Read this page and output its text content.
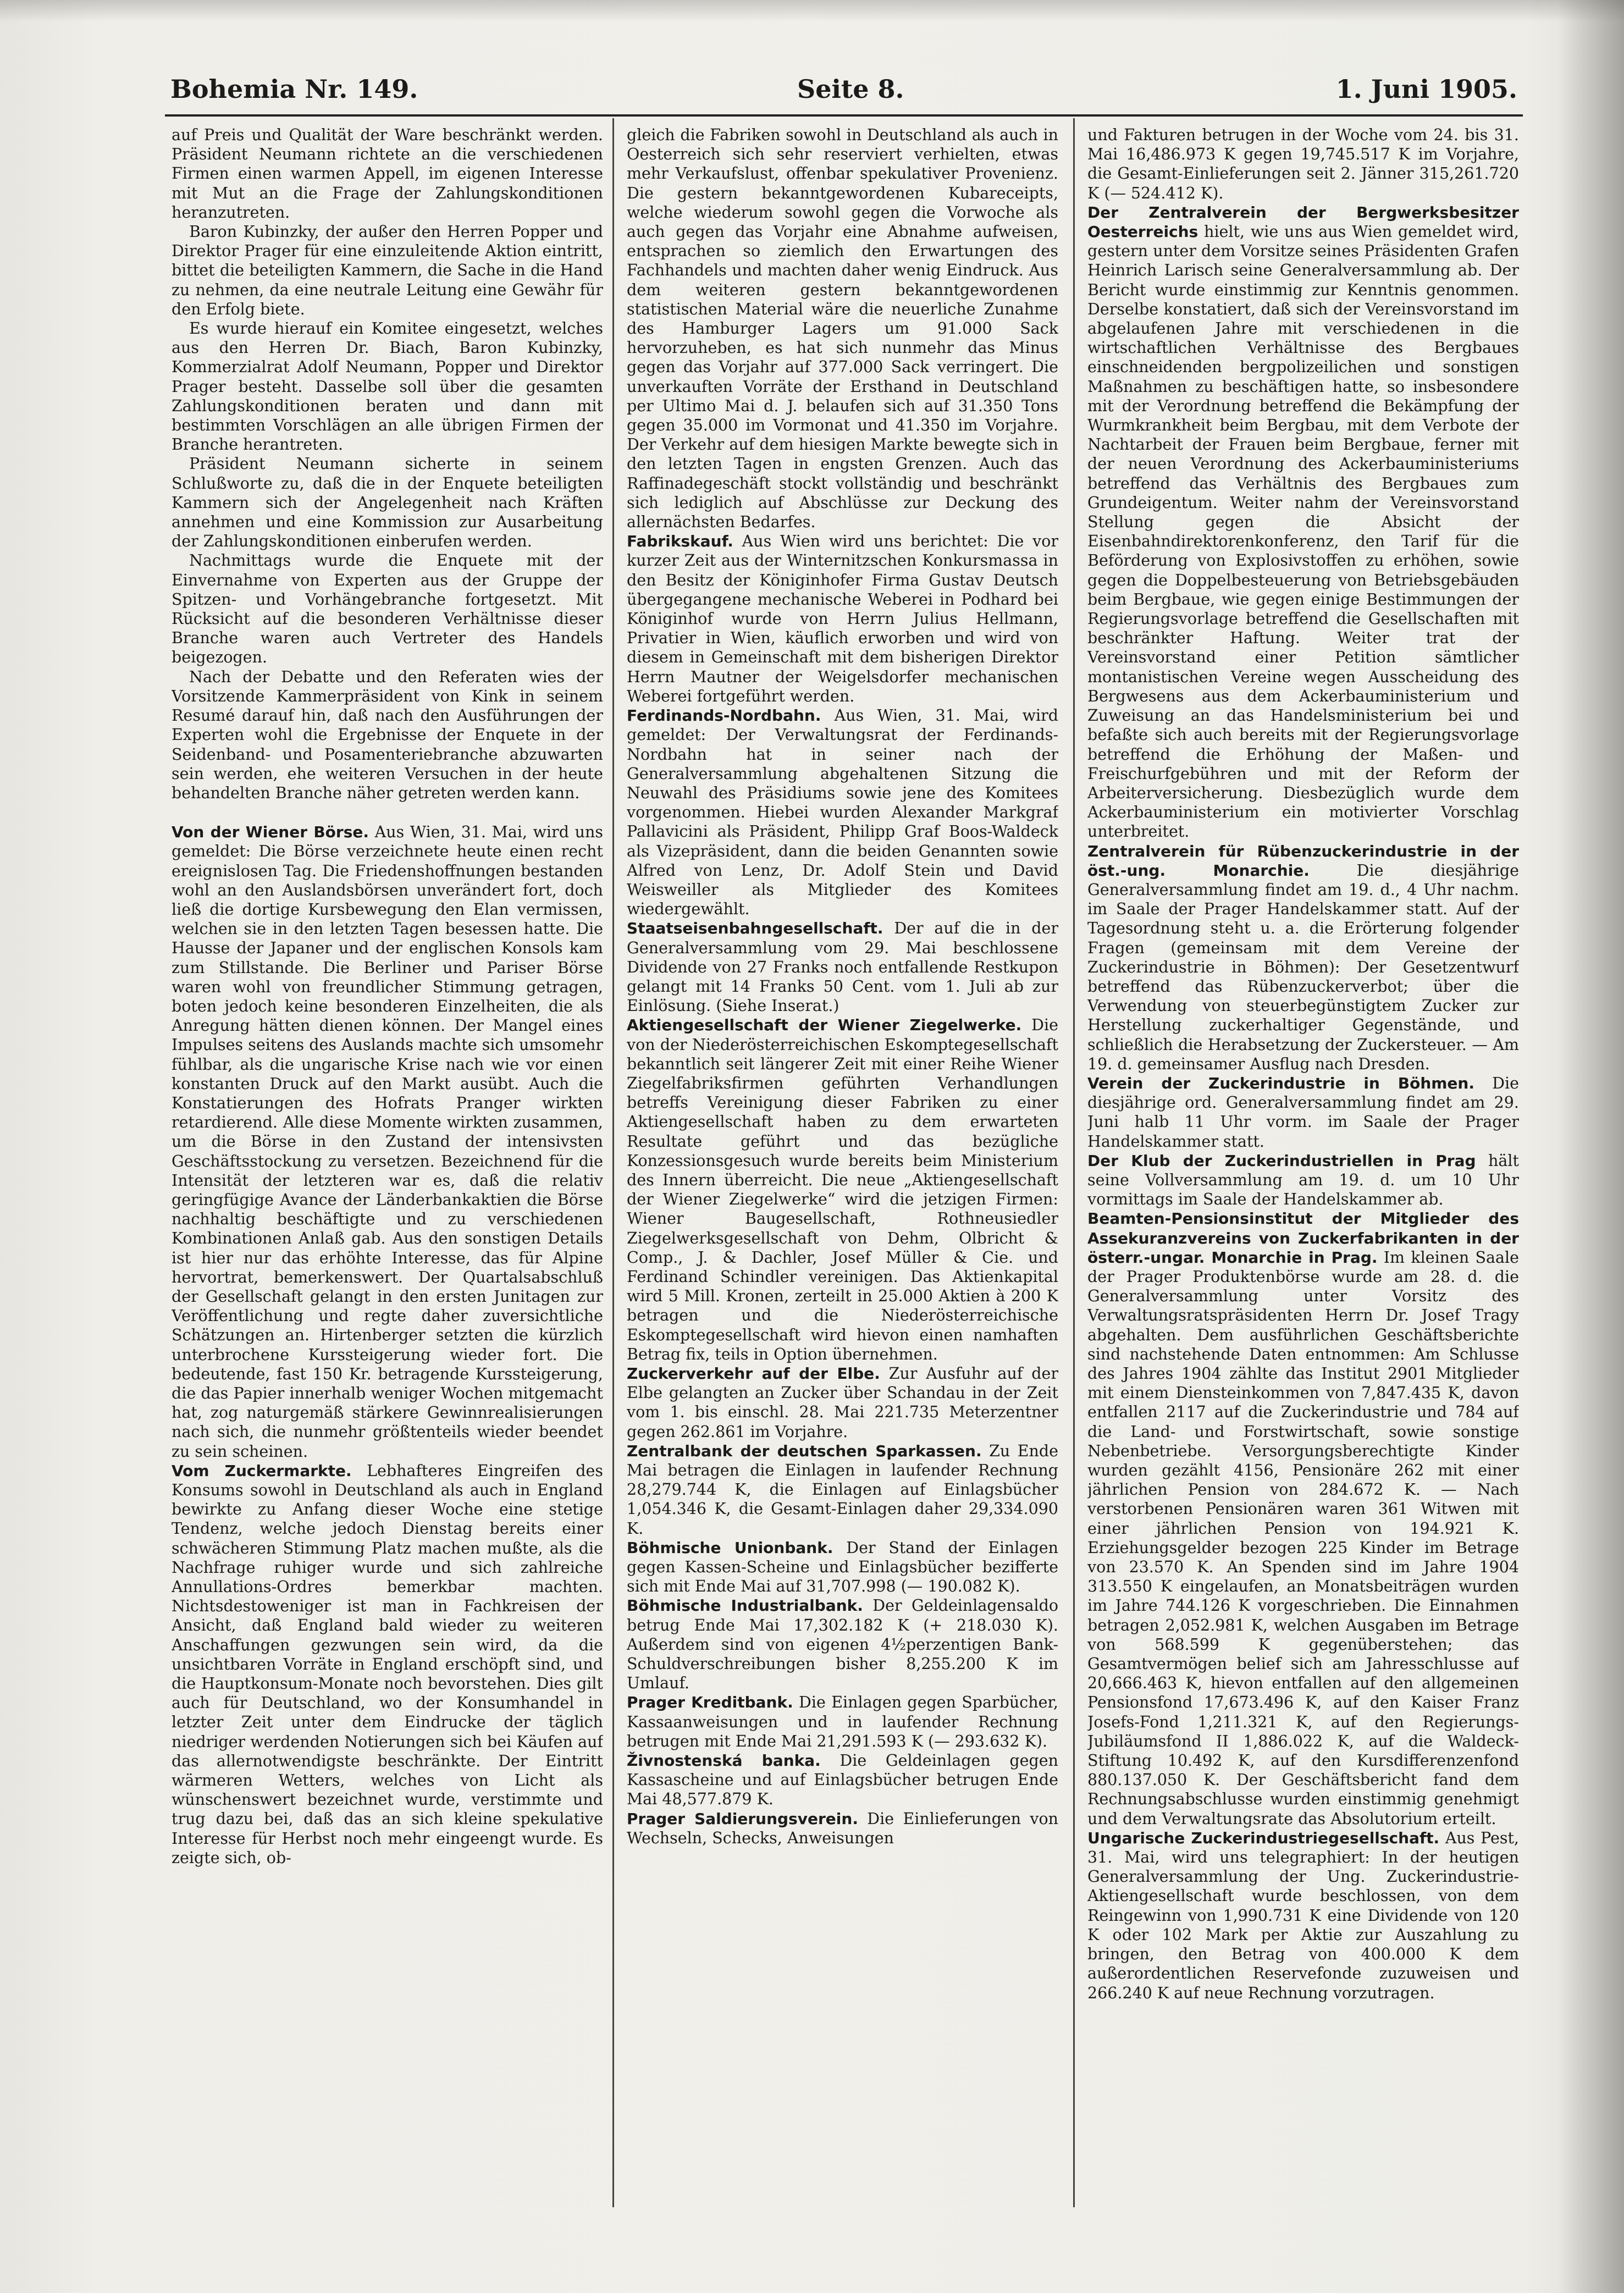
Bohemia Nr. 149.	Seite 8.	1. Juni 1905.

auf Preis und Qualität der Ware beschränkt werden. Präsident Neumann richtete an die verschiedenen Firmen einen warmen Appell, im eigenen Interesse mit Mut an die Frage der Zahlungskonditionen heranzutreten.

Baron Kubinzky, der außer den Herren Popper und Direktor Prager für eine einzuleitende Aktion eintritt, bittet die beteiligten Kammern, die Sache in die Hand zu nehmen, da eine neutrale Leitung eine Gewähr für den Erfolg biete.

Es wurde hierauf ein Komitee eingesetzt, welches aus den Herren Dr. Biach, Baron Kubinzky, Kommerzialrat Adolf Neumann, Popper und Direktor Prager besteht. Dasselbe soll über die gesamten Zahlungskonditionen beraten und dann mit bestimmten Vorschlägen an alle übrigen Firmen der Branche herantreten.

Präsident Neumann sicherte in seinem Schlußworte zu, daß die in der Enquete beteiligten Kammern sich der Angelegenheit nach Kräften annehmen und eine Kommission zur Ausarbeitung der Zahlungskonditionen einberufen werden.

Nachmittags wurde die Enquete mit der Einvernahme von Experten aus der Gruppe der Spitzen- und Vorhängebranche fortgesetzt. Mit Rücksicht auf die besonderen Verhältnisse dieser Branche waren auch Vertreter des Handels beigezogen.

Nach der Debatte und den Referaten wies der Vorsitzende Kammerpräsident von Kink in seinem Resumé darauf hin, daß nach den Ausführungen der Experten wohl die Ergebnisse der Enquete in der Seidenband- und Posamenteriebranche abzuwarten sein werden, ehe weiteren Versuchen in der heute behandelten Branche näher getreten werden kann.

Von der Wiener Börse. Aus Wien, 31. Mai, wird uns gemeldet: Die Börse verzeichnete heute einen recht ereignislosen Tag. Die Friedenshoffnungen bestanden wohl an den Auslandsbörsen unverändert fort, doch ließ die dortige Kursbewegung den Elan vermissen, welchen sie in den letzten Tagen besessen hatte. Die Hausse der Japaner und der englischen Konsols kam zum Stillstande. Die Berliner und Pariser Börse waren wohl von freundlicher Stimmung getragen, boten jedoch keine besonderen Einzelheiten, die als Anregung hätten dienen können. Der Mangel eines Impulses seitens des Auslands machte sich umsomehr fühlbar, als die ungarische Krise nach wie vor einen konstanten Druck auf den Markt ausübt. Auch die Konstatierungen des Hofrats Pranger wirkten retardierend. Alle diese Momente wirkten zusammen, um die Börse in den Zustand der intensivsten Geschäftsstockung zu versetzen. Bezeichnend für die Intensität der letzteren war es, daß die relativ geringfügige Avance der Länderbankaktien die Börse nachhaltig beschäftigte und zu verschiedenen Kombinationen Anlaß gab. Aus den sonstigen Details ist hier nur das erhöhte Interesse, das für Alpine hervortrat, bemerkenswert. Der Quartalsabschluß der Gesellschaft gelangt in den ersten Junitagen zur Veröffentlichung und regte daher zuversichtliche Schätzungen an. Hirtenberger setzten die kürzlich unterbrochene Kurssteigerung wieder fort. Die bedeutende, fast 150 Kr. betragende Kurssteigerung, die das Papier innerhalb weniger Wochen mitgemacht hat, zog naturgemäß stärkere Gewinnrealisierungen nach sich, die nunmehr größtenteils wieder beendet zu sein scheinen.

Vom Zuckermarkte. Lebhafteres Eingreifen des Konsums sowohl in Deutschland als auch in England bewirkte zu Anfang dieser Woche eine stetige Tendenz, welche jedoch Dienstag bereits einer schwächeren Stimmung Platz machen mußte, als die Nachfrage ruhiger wurde und sich zahlreiche Annullations-Ordres bemerkbar machten. Nichtsdestoweniger ist man in Fachkreisen der Ansicht, daß England bald wieder zu weiteren Anschaffungen gezwungen sein wird, da die unsichtbaren Vorräte in England erschöpft sind, und die Hauptkonsum-Monate noch bevorstehen. Dies gilt auch für Deutschland, wo der Konsumhandel in letzter Zeit unter dem Eindrucke der täglich niedriger werdenden Notierungen sich bei Käufen auf das allernotwendigste beschränkte. Der Eintritt wärmeren Wetters, welches von Licht als wünschenswert bezeichnet wurde, verstimmte und trug dazu bei, daß das an sich kleine spekulative Interesse für Herbst noch mehr eingeengt wurde. Es zeigte sich, ob-

gleich die Fabriken sowohl in Deutschland als auch in Oesterreich sich sehr reserviert verhielten, etwas mehr Verkaufslust, offenbar spekulativer Provenienz. Die gestern bekanntgewordenen Kubareceipts, welche wiederum sowohl gegen die Vorwoche als auch gegen das Vorjahr eine Abnahme aufweisen, entsprachen so ziemlich den Erwartungen des Fachhandels und machten daher wenig Eindruck. Aus dem weiteren gestern bekanntgewordenen statistischen Material wäre die neuerliche Zunahme des Hamburger Lagers um 91.000 Sack hervorzuheben, es hat sich nunmehr das Minus gegen das Vorjahr auf 377.000 Sack verringert. Die unverkauften Vorräte der Ersthand in Deutschland per Ultimo Mai d. J. belaufen sich auf 31.350 Tons gegen 35.000 im Vormonat und 41.350 im Vorjahre. Der Verkehr auf dem hiesigen Markte bewegte sich in den letzten Tagen in engsten Grenzen. Auch das Raffinadegeschäft stockt vollständig und beschränkt sich lediglich auf Abschlüsse zur Deckung des allernächsten Bedarfes.

Fabrikskauf. Aus Wien wird uns berichtet: Die vor kurzer Zeit aus der Winternitzschen Konkursmassa in den Besitz der Königinhofer Firma Gustav Deutsch übergegangene mechanische Weberei in Podhard bei Königinhof wurde von Herrn Julius Hellmann, Privatier in Wien, käuflich erworben und wird von diesem in Gemeinschaft mit dem bisherigen Direktor Herrn Mautner der Weigelsdorfer mechanischen Weberei fortgeführt werden.

Ferdinands-Nordbahn. Aus Wien, 31. Mai, wird gemeldet: Der Verwaltungsrat der Ferdinands-Nordbahn hat in seiner nach der Generalversammlung abgehaltenen Sitzung die Neuwahl des Präsidiums sowie jene des Komitees vorgenommen. Hiebei wurden Alexander Markgraf Pallavicini als Präsident, Philipp Graf Boos-Waldeck als Vizepräsident, dann die beiden Genannten sowie Alfred von Lenz, Dr. Adolf Stein und David Weisweiller als Mitglieder des Komitees wiedergewählt.

Staatseisenbahngesellschaft. Der auf die in der Generalversammlung vom 29. Mai beschlossene Dividende von 27 Franks noch entfallende Restkupon gelangt mit 14 Franks 50 Cent. vom 1. Juli ab zur Einlösung. (Siehe Inserat.)

Aktiengesellschaft der Wiener Ziegelwerke. Die von der Niederösterreichischen Eskomptegesellschaft bekanntlich seit längerer Zeit mit einer Reihe Wiener Ziegelfabriksfirmen geführten Verhandlungen betreffs Vereinigung dieser Fabriken zu einer Aktiengesellschaft haben zu dem erwarteten Resultate geführt und das bezügliche Konzessionsgesuch wurde bereits beim Ministerium des Innern überreicht. Die neue „Aktiengesellschaft der Wiener Ziegelwerke“ wird die jetzigen Firmen: Wiener Baugesellschaft, Rothneusiedler Ziegelwerksgesellschaft von Dehm, Olbricht & Comp., J. & Dachler, Josef Müller & Cie. und Ferdinand Schindler vereinigen. Das Aktienkapital wird 5 Mill. Kronen, zerteilt in 25.000 Aktien à 200 K betragen und die Niederösterreichische Eskomptegesellschaft wird hievon einen namhaften Betrag fix, teils in Option übernehmen.

Zuckerverkehr auf der Elbe. Zur Ausfuhr auf der Elbe gelangten an Zucker über Schandau in der Zeit vom 1. bis einschl. 28. Mai 221.735 Meterzentner gegen 262.861 im Vorjahre.

Zentralbank der deutschen Sparkassen. Zu Ende Mai betragen die Einlagen in laufender Rechnung 28,279.744 K, die Einlagen auf Einlagsbücher 1,054.346 K, die Gesamt-Einlagen daher 29,334.090 K.

Böhmische Unionbank. Der Stand der Einlagen gegen Kassen-Scheine und Einlagsbücher bezifferte sich mit Ende Mai auf 31,707.998 (— 190.082 K).

Böhmische Industrialbank. Der Geldeinlagensaldo betrug Ende Mai 17,302.182 K (+ 218.030 K). Außerdem sind von eigenen 4½perzentigen Bank-Schuldverschreibungen bisher 8,255.200 K im Umlauf.

Prager Kreditbank. Die Einlagen gegen Sparbücher, Kassaanweisungen und in laufender Rechnung betrugen mit Ende Mai 21,291.593 K (— 293.632 K).

Živnostenská banka. Die Geldeinlagen gegen Kassascheine und auf Einlagsbücher betrugen Ende Mai 48,577.879 K.

Prager Saldierungsverein. Die Einlieferungen von Wechseln, Schecks, Anweisungen

und Fakturen betrugen in der Woche vom 24. bis 31. Mai 16,486.973 K gegen 19,745.517 K im Vorjahre, die Gesamt-Einlieferungen seit 2. Jänner 315,261.720 K (— 524.412 K).

Der Zentralverein der Bergwerksbesitzer Oesterreichs hielt, wie uns aus Wien gemeldet wird, gestern unter dem Vorsitze seines Präsidenten Grafen Heinrich Larisch seine Generalversammlung ab. Der Bericht wurde einstimmig zur Kenntnis genommen. Derselbe konstatiert, daß sich der Vereinsvorstand im abgelaufenen Jahre mit verschiedenen in die wirtschaftlichen Verhältnisse des Bergbaues einschneidenden bergpolizeilichen und sonstigen Maßnahmen zu beschäftigen hatte, so insbesondere mit der Verordnung betreffend die Bekämpfung der Wurmkrankheit beim Bergbau, mit dem Verbote der Nachtarbeit der Frauen beim Bergbaue, ferner mit der neuen Verordnung des Ackerbauministeriums betreffend das Verhältnis des Bergbaues zum Grundeigentum. Weiter nahm der Vereinsvorstand Stellung gegen die Absicht der Eisenbahndirektorenkonferenz, den Tarif für die Beförderung von Explosivstoffen zu erhöhen, sowie gegen die Doppelbesteuerung von Betriebsgebäuden beim Bergbaue, wie gegen einige Bestimmungen der Regierungsvorlage betreffend die Gesellschaften mit beschränkter Haftung. Weiter trat der Vereinsvorstand einer Petition sämtlicher montanistischen Vereine wegen Ausscheidung des Bergwesens aus dem Ackerbauministerium und Zuweisung an das Handelsministerium bei und befaßte sich auch bereits mit der Regierungsvorlage betreffend die Erhöhung der Maßen- und Freischurfgebühren und mit der Reform der Arbeiterversicherung. Diesbezüglich wurde dem Ackerbauministerium ein motivierter Vorschlag unterbreitet.

Zentralverein für Rübenzuckerindustrie in der öst.-ung. Monarchie. Die diesjährige Generalversammlung findet am 19. d., 4 Uhr nachm. im Saale der Prager Handelskammer statt. Auf der Tagesordnung steht u. a. die Erörterung folgender Fragen (gemeinsam mit dem Vereine der Zuckerindustrie in Böhmen): Der Gesetzentwurf betreffend das Rübenzuckerverbot; über die Verwendung von steuerbegünstigtem Zucker zur Herstellung zuckerhaltiger Gegenstände, und schließlich die Herabsetzung der Zuckersteuer. — Am 19. d. gemeinsamer Ausflug nach Dresden.

Verein der Zuckerindustrie in Böhmen. Die diesjährige ord. Generalversammlung findet am 29. Juni halb 11 Uhr vorm. im Saale der Prager Handelskammer statt.

Der Klub der Zuckerindustriellen in Prag hält seine Vollversammlung am 19. d. um 10 Uhr vormittags im Saale der Handelskammer ab.

Beamten-Pensionsinstitut der Mitglieder des Assekuranzvereins von Zuckerfabrikanten in der österr.-ungar. Monarchie in Prag. Im kleinen Saale der Prager Produktenbörse wurde am 28. d. die Generalversammlung unter Vorsitz des Verwaltungsratspräsidenten Herrn Dr. Josef Tragy abgehalten. Dem ausführlichen Geschäftsberichte sind nachstehende Daten entnommen: Am Schlusse des Jahres 1904 zählte das Institut 2901 Mitglieder mit einem Diensteinkommen von 7,847.435 K, davon entfallen 2117 auf die Zuckerindustrie und 784 auf die Land- und Forstwirtschaft, sowie sonstige Nebenbetriebe. Versorgungsberechtigte Kinder wurden gezählt 4156, Pensionäre 262 mit einer jährlichen Pension von 284.672 K. — Nach verstorbenen Pensionären waren 361 Witwen mit einer jährlichen Pension von 194.921 K. Erziehungsgelder bezogen 225 Kinder im Betrage von 23.570 K. An Spenden sind im Jahre 1904 313.550 K eingelaufen, an Monatsbeiträgen wurden im Jahre 744.126 K vorgeschrieben. Die Einnahmen betragen 2,052.981 K, welchen Ausgaben im Betrage von 568.599 K gegenüberstehen; das Gesamtvermögen belief sich am Jahresschlusse auf 20,666.463 K, hievon entfallen auf den allgemeinen Pensionsfond 17,673.496 K, auf den Kaiser Franz Josefs-Fond 1,211.321 K, auf den Regierungs-Jubiläumsfond II 1,886.022 K, auf die Waldeck-Stiftung 10.492 K, auf den Kursdifferenzenfond 880.137.050 K. Der Geschäftsbericht fand dem Rechnungsabschlusse wurden einstimmig genehmigt und dem Verwaltungsrate das Absolutorium erteilt.

Ungarische Zuckerindustriegesellschaft. Aus Pest, 31. Mai, wird uns telegraphiert: In der heutigen Generalversammlung der Ung. Zuckerindustrie-Aktiengesellschaft wurde beschlossen, von dem Reingewinn von 1,990.731 K eine Dividende von 120 K oder 102 Mark per Aktie zur Auszahlung zu bringen, den Betrag von 400.000 K dem außerordentlichen Reservefonde zuzuweisen und 266.240 K auf neue Rechnung vorzutragen.
